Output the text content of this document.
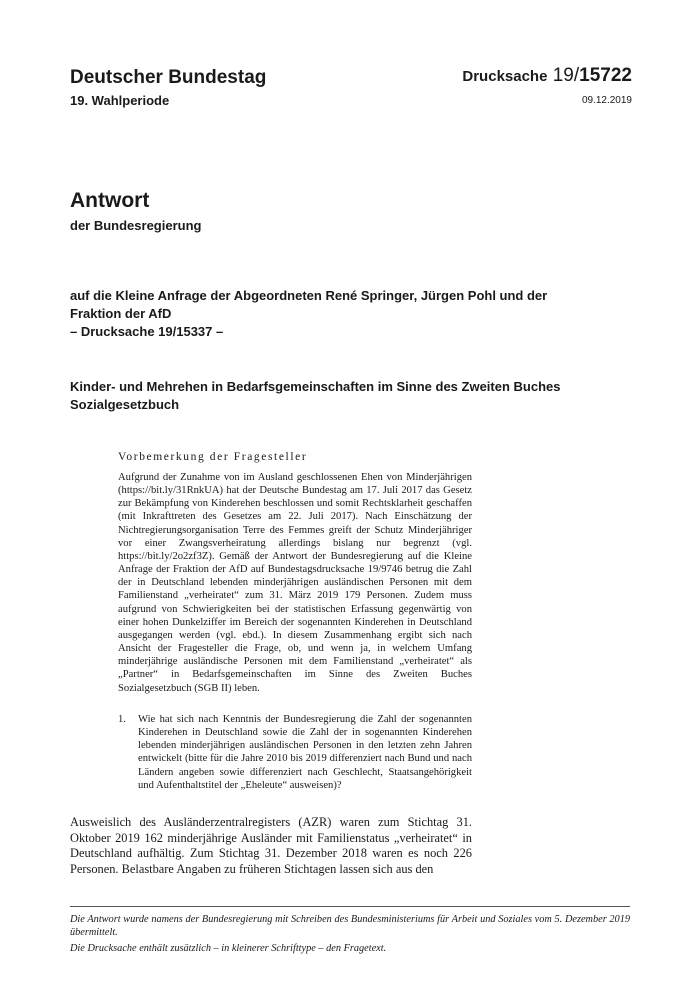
Deutscher Bundestag
19. Wahlperiode
Drucksache 19/15722
09.12.2019
Antwort
der Bundesregierung
auf die Kleine Anfrage der Abgeordneten René Springer, Jürgen Pohl und der
Fraktion der AfD
– Drucksache 19/15337 –
Kinder- und Mehrehen in Bedarfsgemeinschaften im Sinne des Zweiten Buches Sozialgesetzbuch
Vorbemerkung der Fragesteller
Aufgrund der Zunahme von im Ausland geschlossenen Ehen von Minderjährigen (https://bit.ly/31RnkUA) hat der Deutsche Bundestag am 17. Juli 2017 das Gesetz zur Bekämpfung von Kinderehen beschlossen und somit Rechtsklarheit geschaffen (mit Inkrafttreten des Gesetzes am 22. Juli 2017). Nach Einschätzung der Nichtregierungsorganisation Terre des Femmes greift der Schutz Minderjähriger vor einer Zwangsverheiratung allerdings bislang nur begrenzt (vgl. https://bit.ly/2o2zf3Z). Gemäß der Antwort der Bundesregierung auf die Kleine Anfrage der Fraktion der AfD auf Bundestagsdrucksache 19/9746 betrug die Zahl der in Deutschland lebenden minderjährigen ausländischen Personen mit dem Familienstand „verheiratet“ zum 31. März 2019 179 Personen. Zudem muss aufgrund von Schwierigkeiten bei der statistischen Erfassung gegenwärtig von einer hohen Dunkelziffer im Bereich der sogenannten Kinderehen in Deutschland ausgegangen werden (vgl. ebd.). In diesem Zusammenhang ergibt sich nach Ansicht der Fragesteller die Frage, ob, und wenn ja, in welchem Umfang minderjährige ausländische Personen mit dem Familienstand „verheiratet“ als „Partner“ in Bedarfsgemeinschaften im Sinne des Zweiten Buches Sozialgesetzbuch (SGB II) leben.
1. Wie hat sich nach Kenntnis der Bundesregierung die Zahl der sogenannten Kinderehen in Deutschland sowie die Zahl der in sogenannten Kinderehen lebenden minderjährigen ausländischen Personen in den letzten zehn Jahren entwickelt (bitte für die Jahre 2010 bis 2019 differenziert nach Bund und nach Ländern angeben sowie differenziert nach Geschlecht, Staatsangehörigkeit und Aufenthaltstitel der „Eheleute“ ausweisen)?
Ausweislich des Ausländerzentralregisters (AZR) waren zum Stichtag 31. Oktober 2019 162 minderjährige Ausländer mit Familienstatus „verheiratet“ in Deutschland aufhältig. Zum Stichtag 31. Dezember 2018 waren es noch 226 Personen. Belastbare Angaben zu früheren Stichtagen lassen sich aus den

Die Antwort wurde namens der Bundesregierung mit Schreiben des Bundesministeriums für Arbeit und Soziales vom 5. Dezember 2019 übermittelt.

Die Drucksache enthält zusätzlich – in kleinerer Schrifttype – den Fragetext.
